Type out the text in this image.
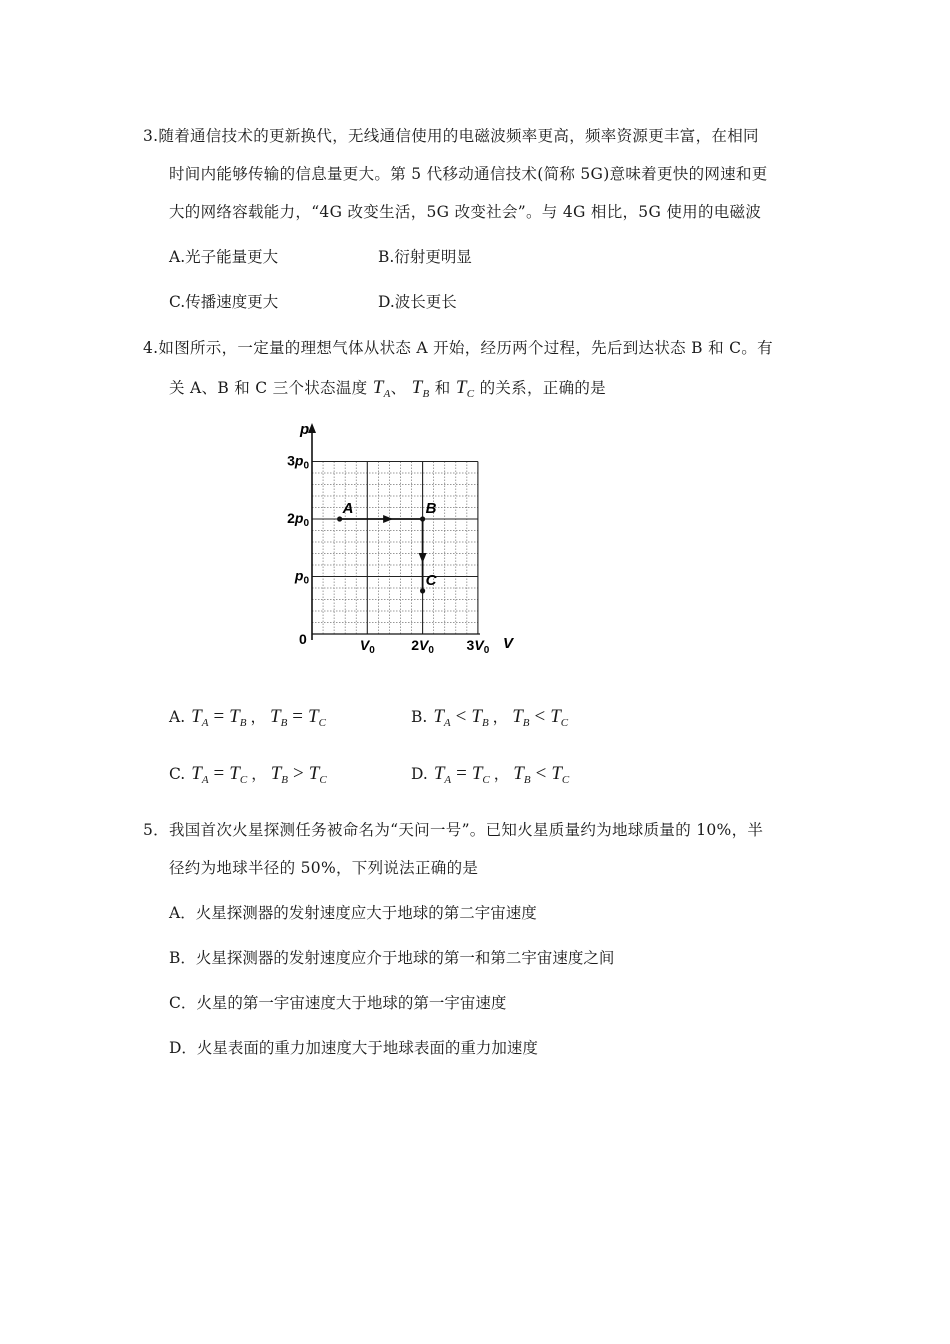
3.随着通信技术的更新换代，无线通信使用的电磁波频率更高，频率资源更丰富，在相同
时间内能够传输的信息量更大。第 5 代移动通信技术(简称 5G)意味着更快的网速和更
大的网络容载能力，“4G 改变生活，5G 改变社会”。与 4G 相比，5G 使用的电磁波
A.光子能量更大	B.衍射更明显
C.传播速度更大	D.波长更长
4.如图所示，一定量的理想气体从状态 A 开始，经历两个过程，先后到达状态 B 和 C。有
关 A、B 和 C 三个状态温度 $T_A$、 $T_B$ 和 $T_C$ 的关系，正确的是
p
V
0
$p_0$
$2p_0$
$3p_0$
$V_0$	$2V_0$ $3V_0$
A	B
C
A. $T_A = T_B$ ， $T_B = T_C$	B. $T_A < T_B$ ， $T_B < T_C$
C. $T_A = T_C$ ， $T_B > T_C$	D. $T_A = T_C$ ， $T_B < T_C$
5．我国首次火星探测任务被命名为“天问一号”。已知火星质量约为地球质量的 10%，半
径约为地球半径的 50%，下列说法正确的是
A．火星探测器的发射速度应大于地球的第二宇宙速度
B．火星探测器的发射速度应介于地球的第一和第二宇宙速度之间
C．火星的第一宇宙速度大于地球的第一宇宙速度
D．火星表面的重力加速度大于地球表面的重力加速度
